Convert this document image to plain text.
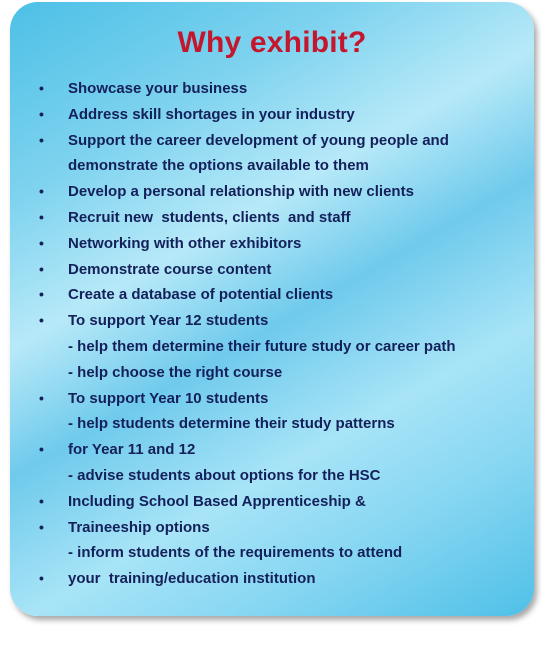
Why exhibit?
• Showcase your business
• Address skill shortages in your industry
• Support the career development of young people and
demonstrate the options available to them
• Develop a personal relationship with new clients
• Recruit new  students, clients  and staff
• Networking with other exhibitors
• Demonstrate course content
• Create a database of potential clients
• To support Year 12 students
- help them determine their future study or career path
- help choose the right course
• To support Year 10 students
- help students determine their study patterns
• for Year 11 and 12
- advise students about options for the HSC
• Including School Based Apprenticeship &
• Traineeship options
- inform students of the requirements to attend
• your  training/education institution
